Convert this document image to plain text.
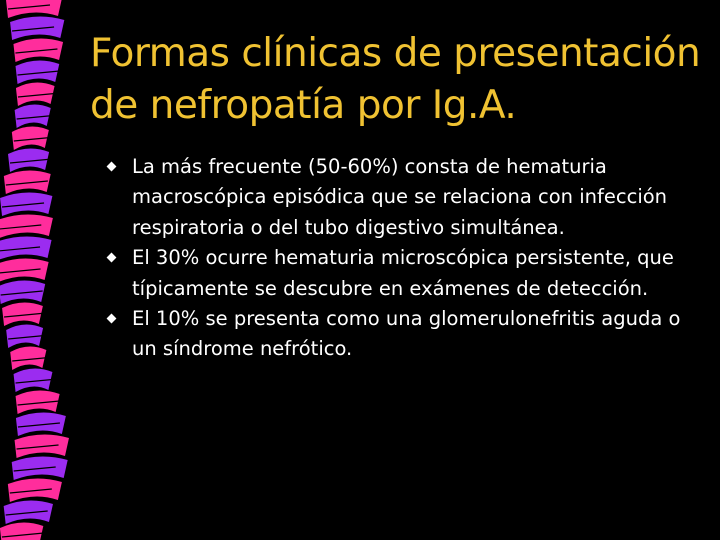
Formas clínicas de presentación
de nefropatía por Ig.A.
La más frecuente (50-60%) consta de hematuria macroscópica episódica que se relaciona con infección respiratoria o del tubo digestivo simultánea.
El 30% ocurre hematuria microscópica persistente, que típicamente se descubre en exámenes de detección.
El 10% se presenta como una glomerulonefritis aguda o un síndrome nefrótico.
